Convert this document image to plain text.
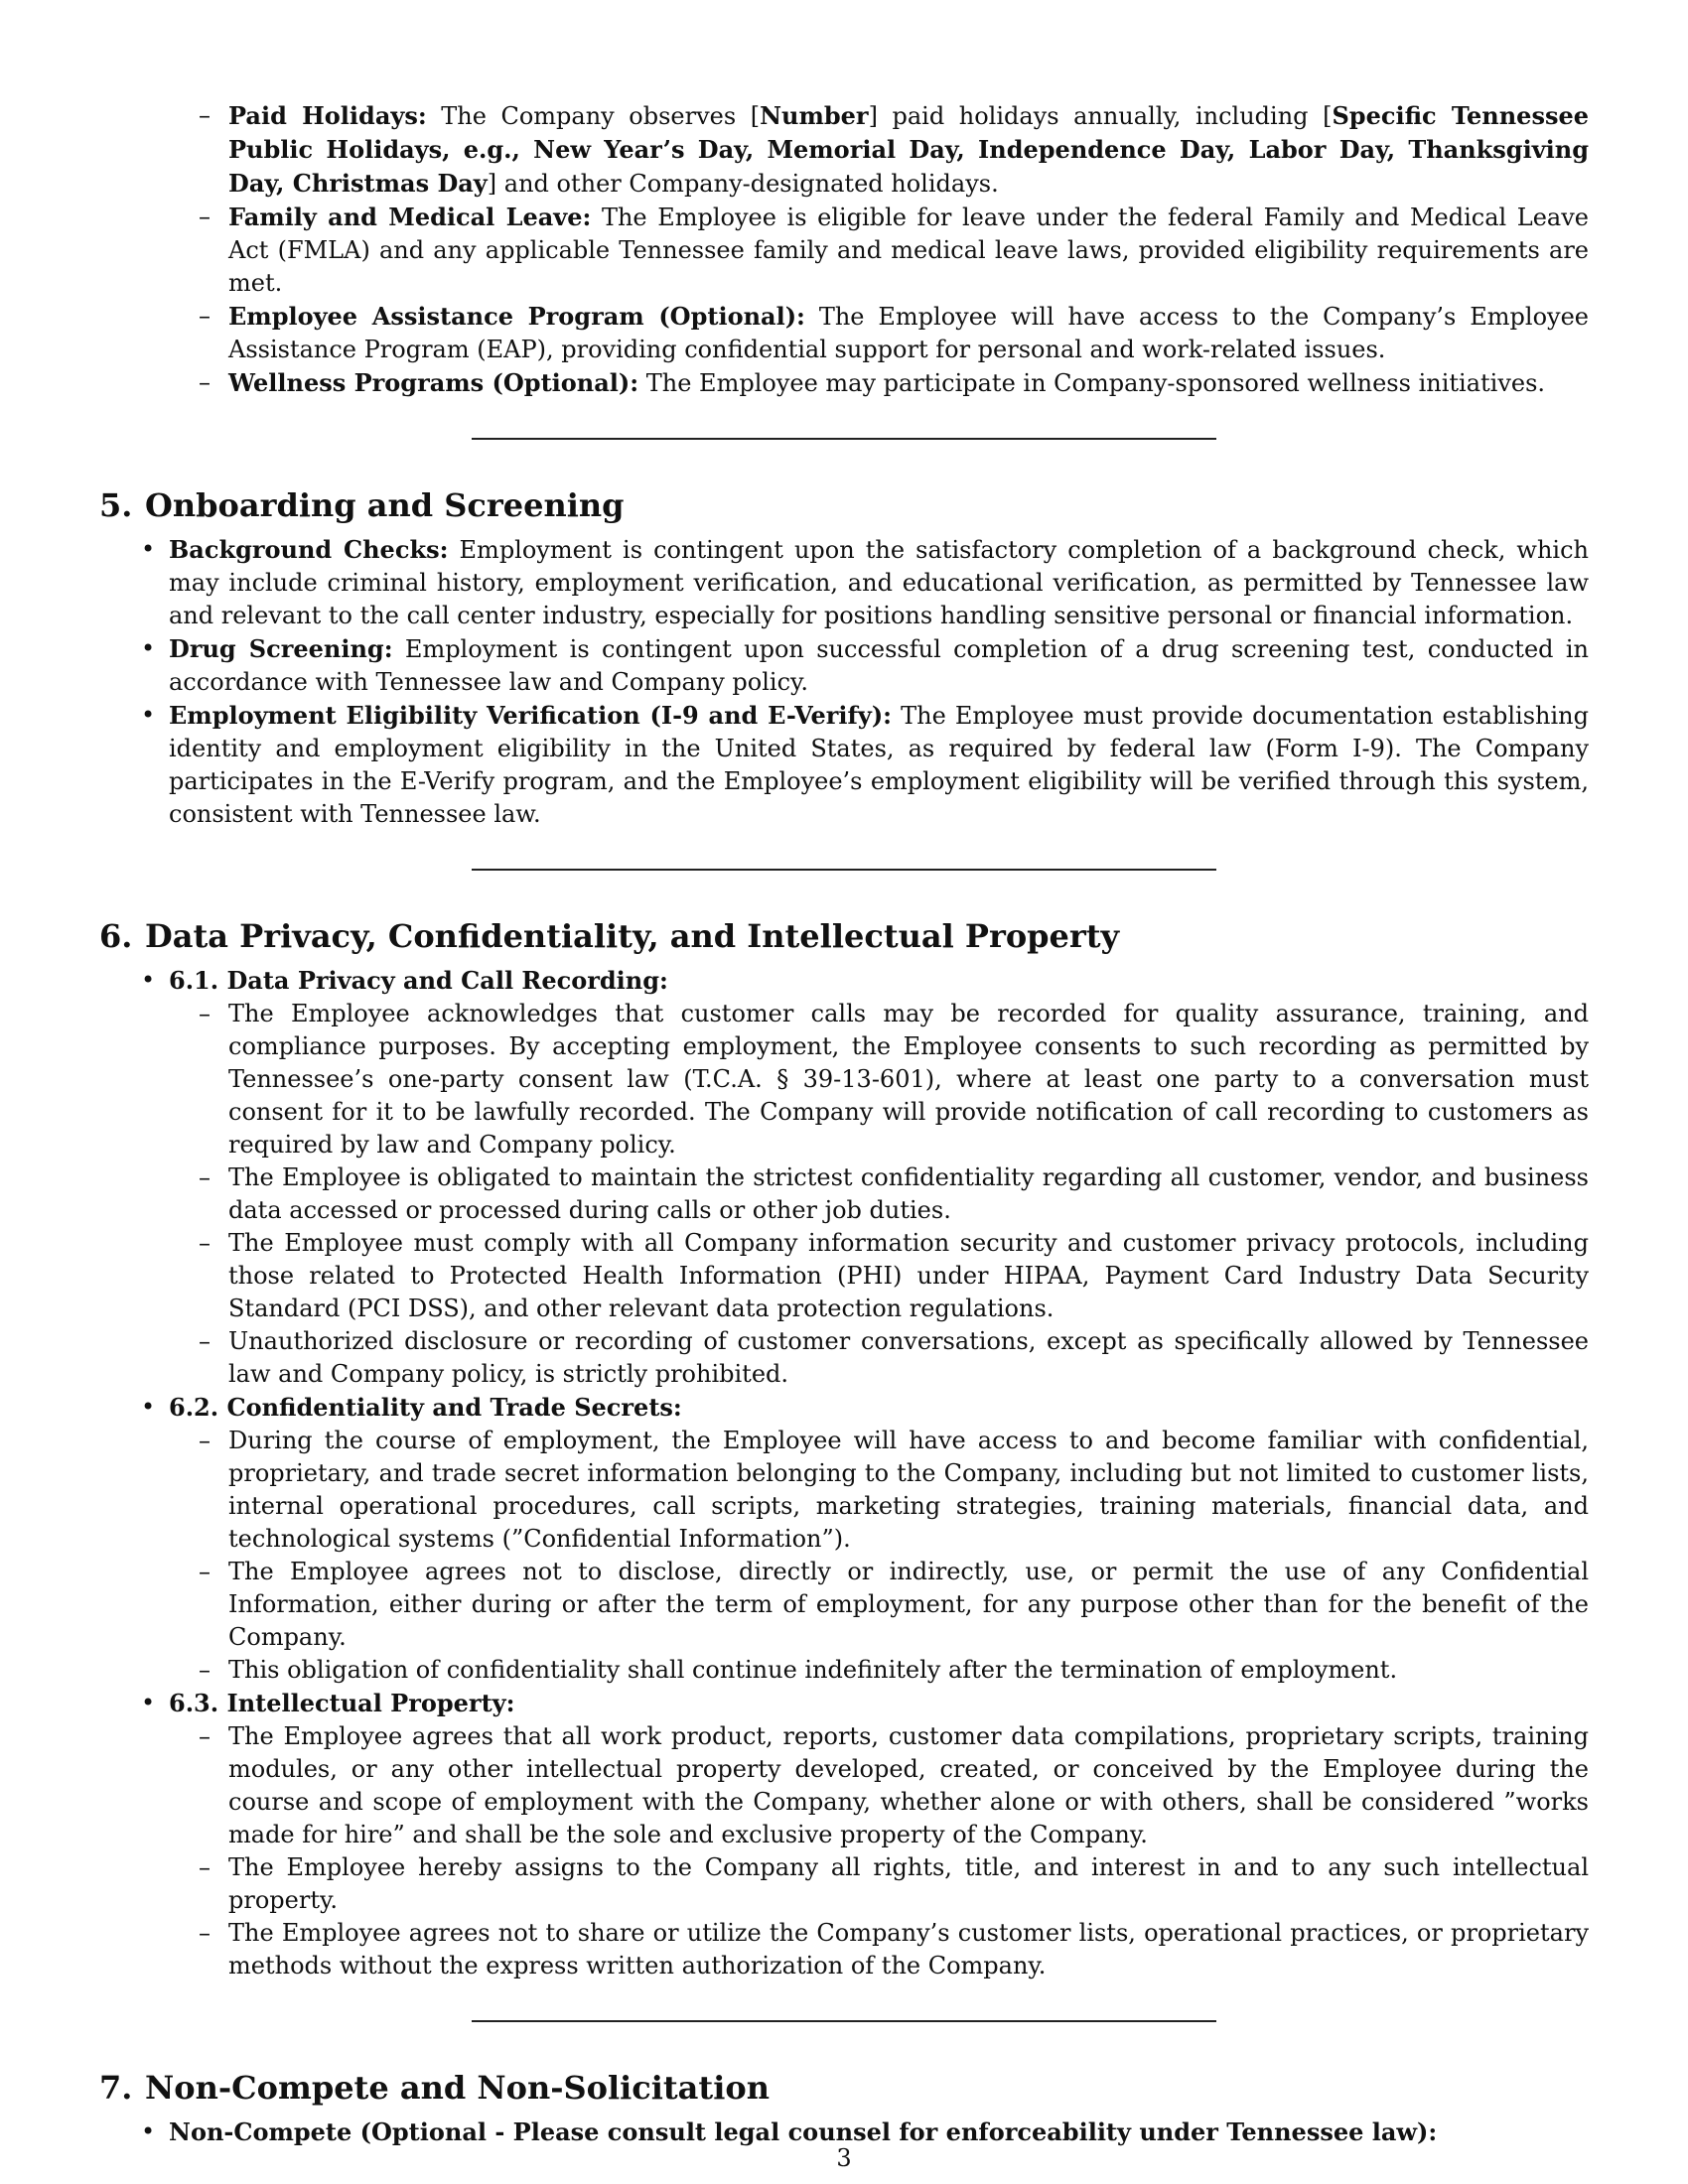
– Paid Holidays: The Company observes [Number] paid holidays annually, including [Specific Tennessee Public Holidays, e.g., New Year’s Day, Memorial Day, Independence Day, Labor Day, Thanksgiving Day, Christmas Day] and other Company-designated holidays.
– Family and Medical Leave: The Employee is eligible for leave under the federal Family and Medical Leave Act (FMLA) and any applicable Tennessee family and medical leave laws, provided eligibility requirements are met.
– Employee Assistance Program (Optional): The Employee will have access to the Company’s Employee Assistance Program (EAP), providing confidential support for personal and work-related issues.
– Wellness Programs (Optional): The Employee may participate in Company-sponsored wellness initiatives.
5. Onboarding and Screening
• Background Checks: Employment is contingent upon the satisfactory completion of a background check, which may include criminal history, employment verification, and educational verification, as permitted by Tennessee law and relevant to the call center industry, especially for positions handling sensitive personal or financial information.
• Drug Screening: Employment is contingent upon successful completion of a drug screening test, conducted in accordance with Tennessee law and Company policy.
• Employment Eligibility Verification (I-9 and E-Verify): The Employee must provide documentation establishing identity and employment eligibility in the United States, as required by federal law (Form I-9). The Company participates in the E-Verify program, and the Employee’s employment eligibility will be verified through this system, consistent with Tennessee law.
6. Data Privacy, Confidentiality, and Intellectual Property
• 6.1. Data Privacy and Call Recording:
– The Employee acknowledges that customer calls may be recorded for quality assurance, training, and compliance purposes. By accepting employment, the Employee consents to such recording as permitted by Tennessee’s one-party consent law (T.C.A. § 39-13-601), where at least one party to a conversation must consent for it to be lawfully recorded. The Company will provide notification of call recording to customers as required by law and Company policy.
– The Employee is obligated to maintain the strictest confidentiality regarding all customer, vendor, and business data accessed or processed during calls or other job duties.
– The Employee must comply with all Company information security and customer privacy protocols, including those related to Protected Health Information (PHI) under HIPAA, Payment Card Industry Data Security Standard (PCI DSS), and other relevant data protection regulations.
– Unauthorized disclosure or recording of customer conversations, except as specifically allowed by Tennessee law and Company policy, is strictly prohibited.
• 6.2. Confidentiality and Trade Secrets:
– During the course of employment, the Employee will have access to and become familiar with confidential, proprietary, and trade secret information belonging to the Company, including but not limited to customer lists, internal operational procedures, call scripts, marketing strategies, training materials, financial data, and technological systems (”Confidential Information”).
– The Employee agrees not to disclose, directly or indirectly, use, or permit the use of any Confidential Information, either during or after the term of employment, for any purpose other than for the benefit of the Company.
– This obligation of confidentiality shall continue indefinitely after the termination of employment.
• 6.3. Intellectual Property:
– The Employee agrees that all work product, reports, customer data compilations, proprietary scripts, training modules, or any other intellectual property developed, created, or conceived by the Employee during the course and scope of employment with the Company, whether alone or with others, shall be considered ”works made for hire” and shall be the sole and exclusive property of the Company.
– The Employee hereby assigns to the Company all rights, title, and interest in and to any such intellectual property.
– The Employee agrees not to share or utilize the Company’s customer lists, operational practices, or proprietary methods without the express written authorization of the Company.
7. Non-Compete and Non-Solicitation
• Non-Compete (Optional - Please consult legal counsel for enforceability under Tennessee law):
3
